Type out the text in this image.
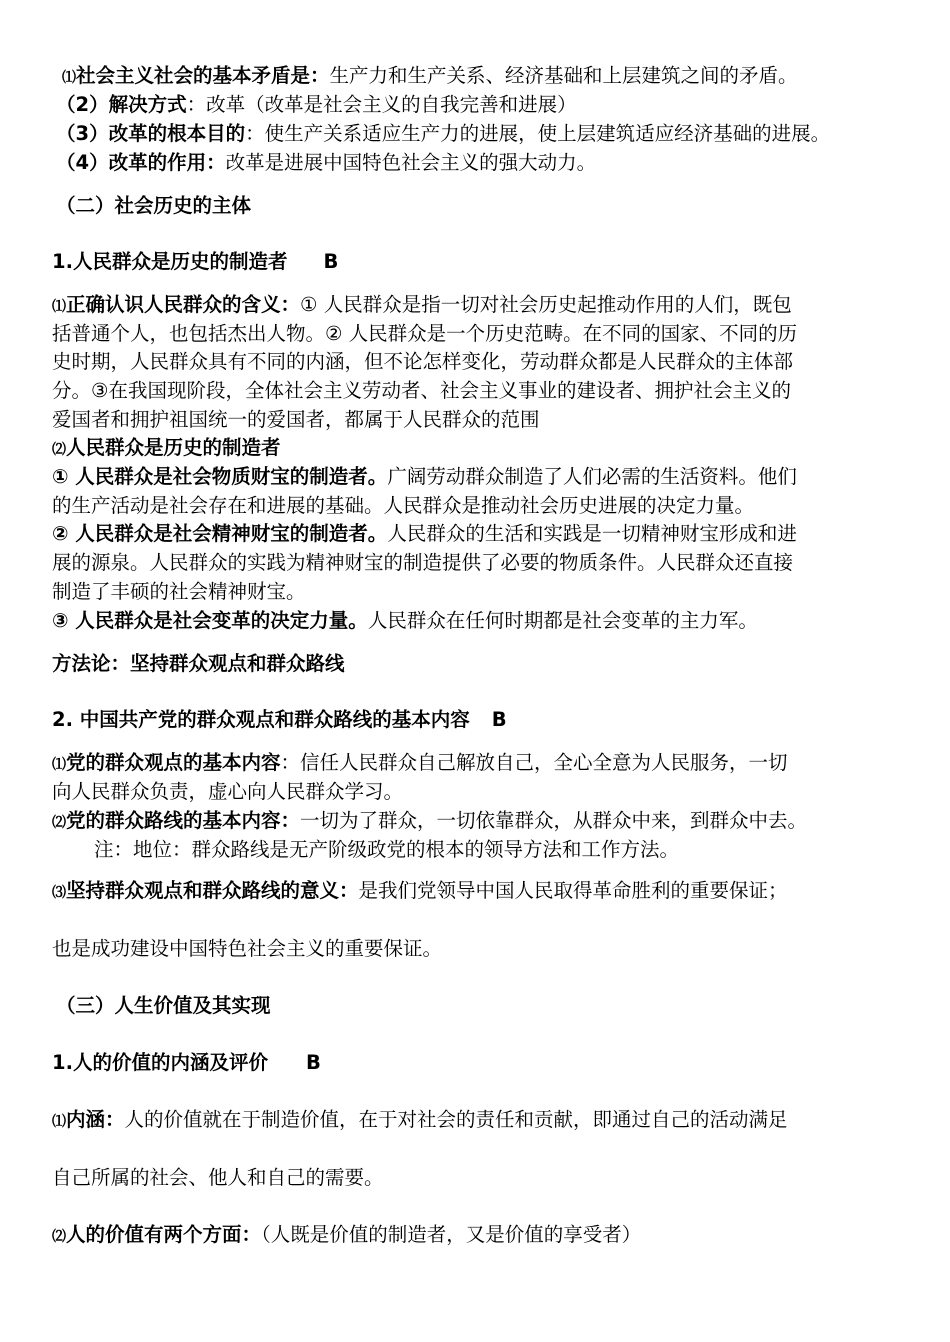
⑴社会主义社会的基本矛盾是：生产力和生产关系、经济基础和上层建筑之间的矛盾。
（2）解决方式：改革（改革是社会主义的自我完善和进展）
（3）改革的根本目的：使生产关系适应生产力的进展，使上层建筑适应经济基础的进展。
（4）改革的作用：改革是进展中国特色社会主义的强大动力。
（二）社会历史的主体
1.人民群众是历史的制造者 B
⑴正确认识人民群众的含义：① 人民群众是指一切对社会历史起推动作用的人们，既包
括普通个人，也包括杰出人物。② 人民群众是一个历史范畴。在不同的国家、不同的历
史时期，人民群众具有不同的内涵，但不论怎样变化，劳动群众都是人民群众的主体部
分。③在我国现阶段，全体社会主义劳动者、社会主义事业的建设者、拥护社会主义的
爱国者和拥护祖国统一的爱国者，都属于人民群众的范围
⑵人民群众是历史的制造者
① 人民群众是社会物质财宝的制造者。广阔劳动群众制造了人们必需的生活资料。他们
的生产活动是社会存在和进展的基础。人民群众是推动社会历史进展的决定力量。
② 人民群众是社会精神财宝的制造者。人民群众的生活和实践是一切精神财宝形成和进
展的源泉。人民群众的实践为精神财宝的制造提供了必要的物质条件。人民群众还直接
制造了丰硕的社会精神财宝。
③ 人民群众是社会变革的决定力量。人民群众在任何时期都是社会变革的主力军。
方法论：坚持群众观点和群众路线
2. 中国共产党的群众观点和群众路线的基本内容 B
⑴党的群众观点的基本内容：信任人民群众自己解放自己，全心全意为人民服务，一切
向人民群众负责，虚心向人民群众学习。
⑵党的群众路线的基本内容：一切为了群众，一切依靠群众，从群众中来，到群众中去。
注：地位：群众路线是无产阶级政党的根本的领导方法和工作方法。
⑶坚持群众观点和群众路线的意义：是我们党领导中国人民取得革命胜利的重要保证；
也是成功建设中国特色社会主义的重要保证。
（三）人生价值及其实现
1.人的价值的内涵及评价 B
⑴内涵：人的价值就在于制造价值，在于对社会的责任和贡献，即通过自己的活动满足
自己所属的社会、他人和自己的需要。
⑵人的价值有两个方面：（人既是价值的制造者，又是价值的享受者）
